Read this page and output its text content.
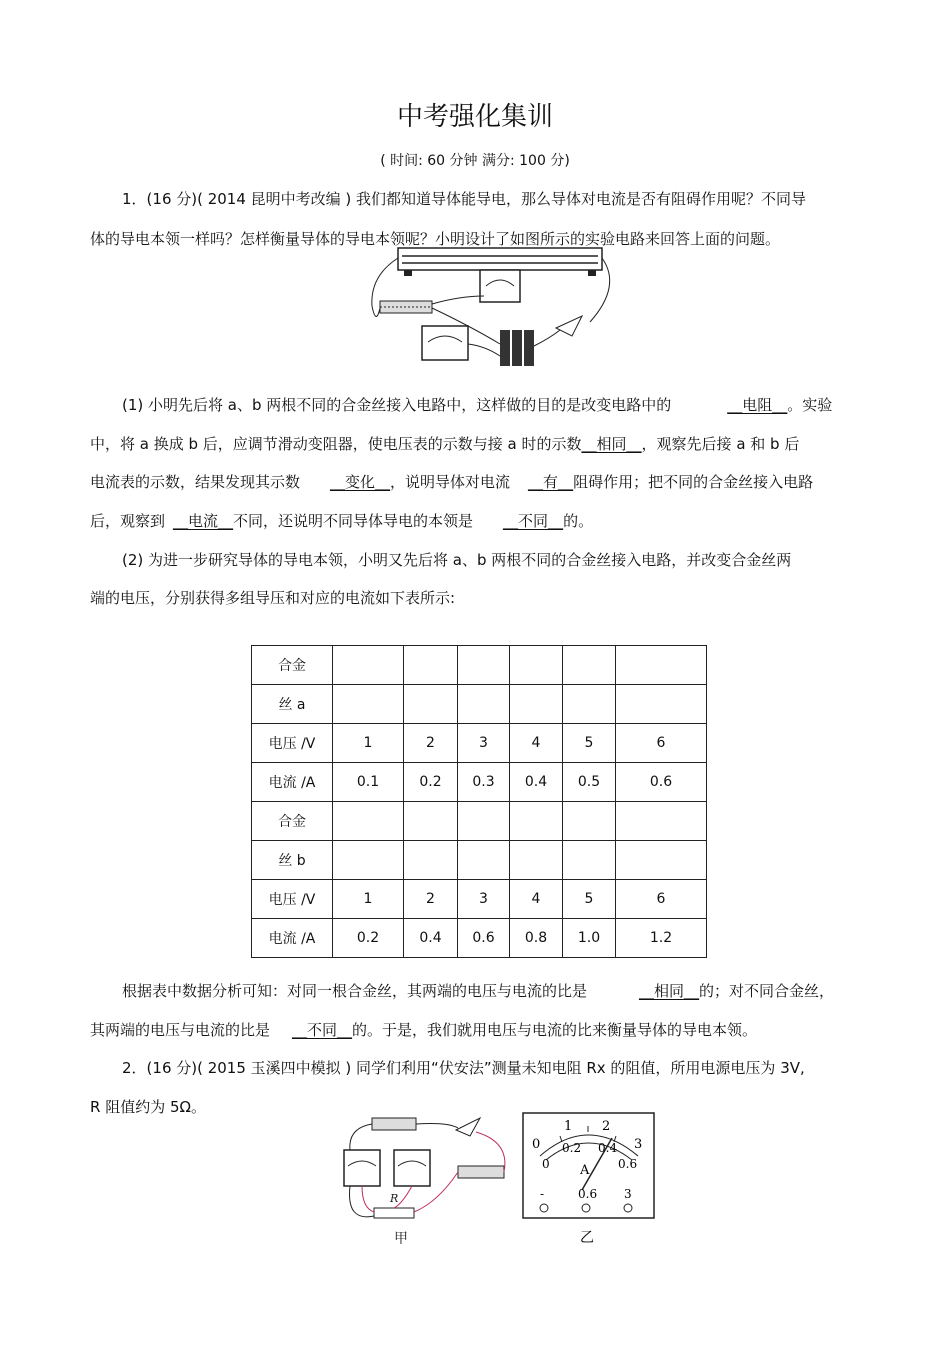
中考强化集训
( 时间: 60 分钟 满分: 100 分)
1．(16 分)( 2014 昆明中考改编 ) 我们都知道导体能导电，那么导体对电流是否有阻碍作用呢？不同导
体的导电本领一样吗？怎样衡量导体的导电本领呢？小明设计了如图所示的实验电路来回答上面的问题。
(1) 小明先后将 a、b 两根不同的合金丝接入电路中，这样做的目的是改变电路中的	__电阻__。实验
中，将 a 换成 b 后，应调节滑动变阻器，使电压表的示数与接 a 时的示数__相同__，观察先后接 a 和 b 后
电流表的示数，结果发现其示数 __变化__，说明导体对电流 __有__阻碍作用；把不同的合金丝接入电路
后，观察到 __电流__不同，还说明不同导体导电的本领是 __不同__的。
(2) 为进一步研究导体的导电本领，小明又先后将 a、b 两根不同的合金丝接入电路，并改变合金丝两
端的电压，分别获得多组导压和对应的电流如下表所示:
合金						
丝 a						
电压 /V	1	2	3	4	5	6
电流 /A	0.1	0.2	0.3	0.4	0.5	0.6
合金						
丝 b						
电压 /V	1	2	3	4	5	6
电流 /A	0.2	0.4	0.6	0.8	1.0	1.2
根据表中数据分析可知：对同一根合金丝，其两端的电压与电流的比是	__相同__的；对不同合金丝，
其两端的电压与电流的比是 __不同__的。于是，我们就用电压与电流的比来衡量导体的导电本领。
2．(16 分)( 2015 玉溪四中模拟 ) 同学们利用“伏安法”测量未知电阻 Rx 的阻值，所用电源电压为 3V,
R 阻值约为 5Ω。
R
甲
0
1 2
3
0
0.2 0.4
0.6
A
-	0.6 3
乙
